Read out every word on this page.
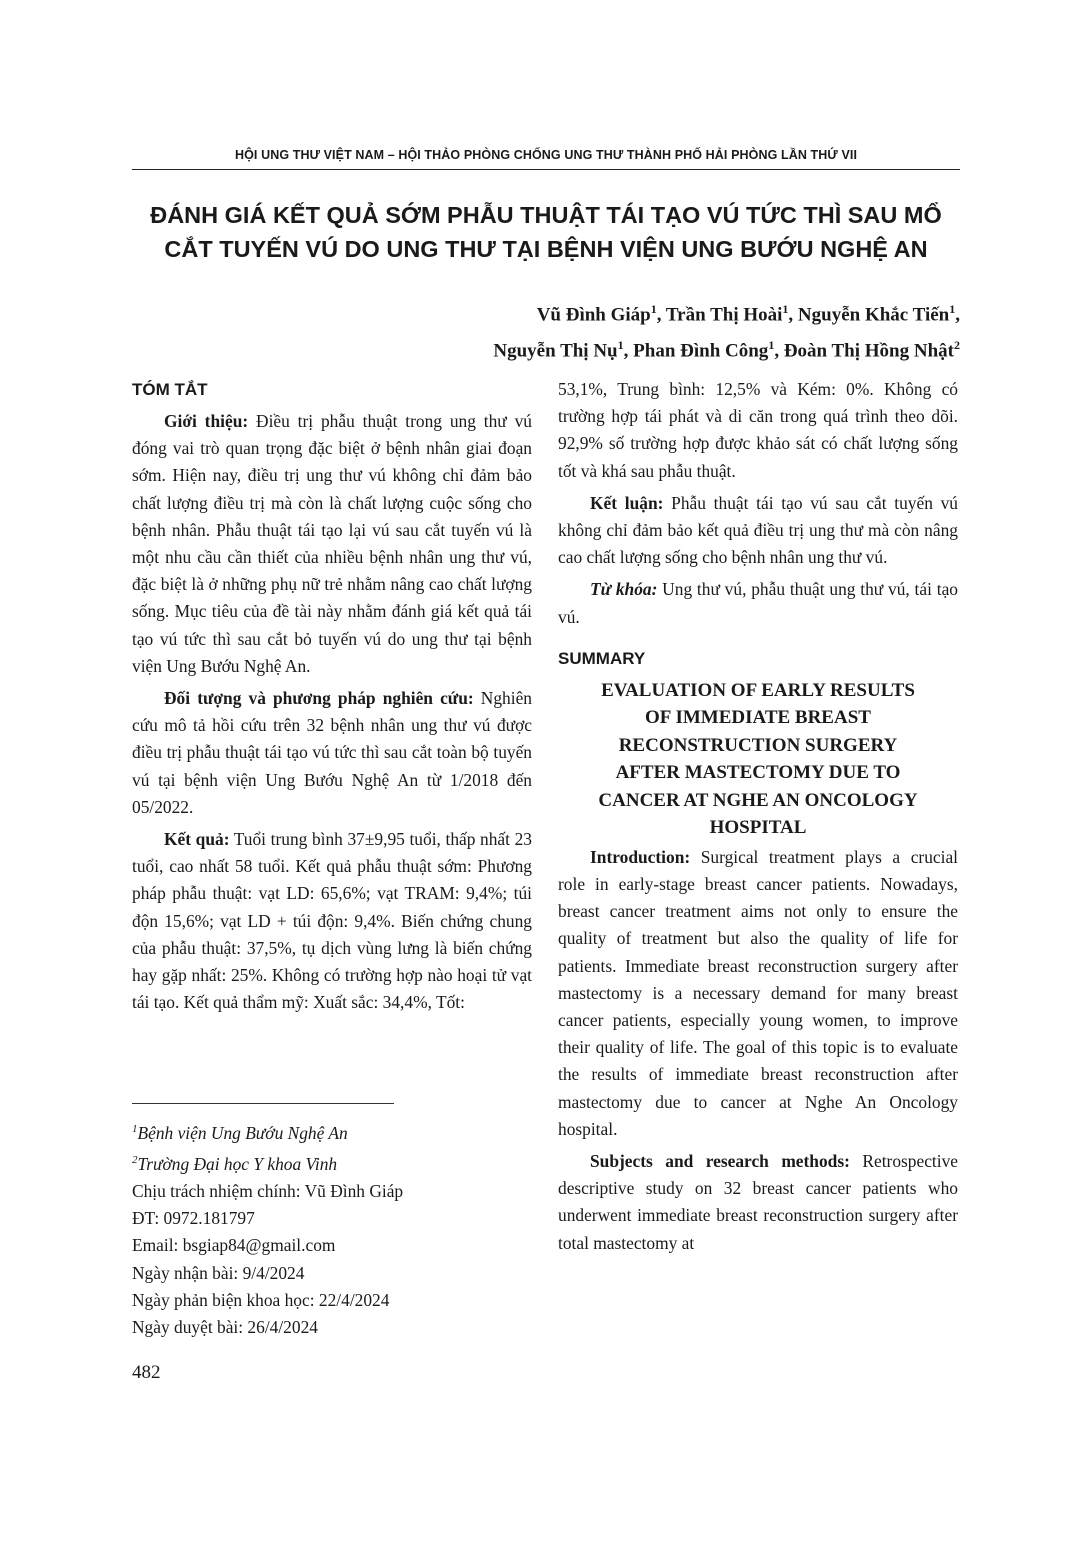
HỘI UNG THƯ VIỆT NAM – HỘI THẢO PHÒNG CHỐNG UNG THƯ THÀNH PHỐ HẢI PHÒNG LẦN THỨ VII
ĐÁNH GIÁ KẾT QUẢ SỚM PHẪU THUẬT TÁI TẠO VÚ TỨC THÌ SAU MỔ
CẮT TUYẾN VÚ DO UNG THƯ TẠI BỆNH VIỆN UNG BƯỚU NGHỆ AN
Vũ Đình Giáp$^1$, Trần Thị Hoài$^1$, Nguyễn Khắc Tiến$^1$,
Nguyễn Thị Nụ$^1$, Phan Đình Công$^1$, Đoàn Thị Hồng Nhật$^2$
TÓM TẮT

Giới thiệu: Điều trị phẫu thuật trong ung thư vú đóng vai trò quan trọng đặc biệt ở bệnh nhân giai đoạn sớm. Hiện nay, điều trị ung thư vú không chỉ đảm bảo chất lượng điều trị mà còn là chất lượng cuộc sống cho bệnh nhân. Phẫu thuật tái tạo lại vú sau cắt tuyến vú là một nhu cầu cần thiết của nhiều bệnh nhân ung thư vú, đặc biệt là ở những phụ nữ trẻ nhằm nâng cao chất lượng sống. Mục tiêu của đề tài này nhằm đánh giá kết quả tái tạo vú tức thì sau cắt bỏ tuyến vú do ung thư tại bệnh viện Ung Bướu Nghệ An.

Đối tượng và phương pháp nghiên cứu: Nghiên cứu mô tả hồi cứu trên 32 bệnh nhân ung thư vú được điều trị phẫu thuật tái tạo vú tức thì sau cắt toàn bộ tuyến vú tại bệnh viện Ung Bướu Nghệ An từ 1/2018 đến 05/2022.

Kết quả: Tuổi trung bình 37±9,95 tuổi, thấp nhất 23 tuổi, cao nhất 58 tuổi. Kết quả phẫu thuật sớm: Phương pháp phẫu thuật: vạt LD: 65,6%; vạt TRAM: 9,4%; túi độn 15,6%; vạt LD + túi độn: 9,4%. Biến chứng chung của phẫu thuật: 37,5%, tụ dịch vùng lưng là biến chứng hay gặp nhất: 25%. Không có trường hợp nào hoại tử vạt tái tạo. Kết quả thẩm mỹ: Xuất sắc: 34,4%, Tốt:

$^1$Bệnh viện Ung Bướu Nghệ An
$^2$Trường Đại học Y khoa Vinh
Chịu trách nhiệm chính: Vũ Đình Giáp
ĐT: 0972.181797
Email: bsgiap84@gmail.com
Ngày nhận bài: 9/4/2024
Ngày phản biện khoa học: 22/4/2024
Ngày duyệt bài: 26/4/2024

53,1%, Trung bình: 12,5% và Kém: 0%. Không có trường hợp tái phát và di căn trong quá trình theo dõi. 92,9% số trường hợp được khảo sát có chất lượng sống tốt và khá sau phẫu thuật.

Kết luận: Phẫu thuật tái tạo vú sau cắt tuyến vú không chỉ đảm bảo kết quả điều trị ung thư mà còn nâng cao chất lượng sống cho bệnh nhân ung thư vú.

Từ khóa: Ung thư vú, phẫu thuật ung thư vú, tái tạo vú.

SUMMARY
EVALUATION OF EARLY RESULTS
OF IMMEDIATE BREAST
RECONSTRUCTION SURGERY
AFTER MASTECTOMY DUE TO
CANCER AT NGHE AN ONCOLOGY
HOSPITAL

Introduction: Surgical treatment plays a crucial role in early-stage breast cancer patients. Nowadays, breast cancer treatment aims not only to ensure the quality of treatment but also the quality of life for patients. Immediate breast reconstruction surgery after mastectomy is a necessary demand for many breast cancer patients, especially young women, to improve their quality of life. The goal of this topic is to evaluate the results of immediate breast reconstruction after mastectomy due to cancer at Nghe An Oncology hospital.

Subjects and research methods: Retrospective descriptive study on 32 breast cancer patients who underwent immediate breast reconstruction surgery after total mastectomy at

482
